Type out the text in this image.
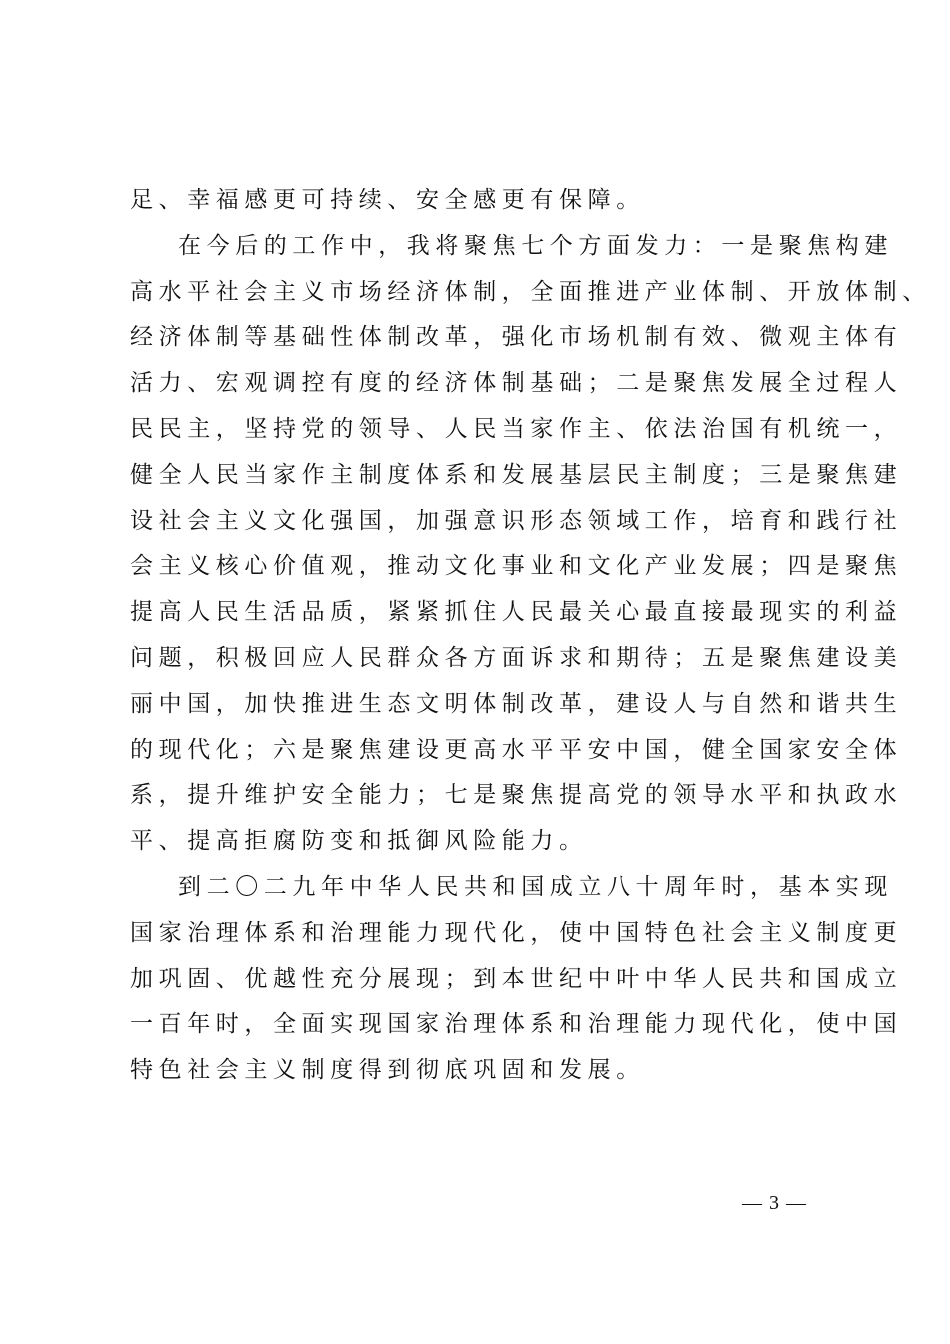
足、幸福感更可持续、安全感更有保障。
在今后的工作中，我将聚焦七个方面发力：一是聚焦构建
高水平社会主义市场经济体制，全面推进产业体制、开放体制、
经济体制等基础性体制改革，强化市场机制有效、微观主体有
活力、宏观调控有度的经济体制基础；二是聚焦发展全过程人
民民主，坚持党的领导、人民当家作主、依法治国有机统一，
健全人民当家作主制度体系和发展基层民主制度；三是聚焦建
设社会主义文化强国，加强意识形态领域工作，培育和践行社
会主义核心价值观，推动文化事业和文化产业发展；四是聚焦
提高人民生活品质，紧紧抓住人民最关心最直接最现实的利益
问题，积极回应人民群众各方面诉求和期待；五是聚焦建设美
丽中国，加快推进生态文明体制改革，建设人与自然和谐共生
的现代化；六是聚焦建设更高水平平安中国，健全国家安全体
系，提升维护安全能力；七是聚焦提高党的领导水平和执政水
平、提高拒腐防变和抵御风险能力。
到二〇二九年中华人民共和国成立八十周年时，基本实现
国家治理体系和治理能力现代化，使中国特色社会主义制度更
加巩固、优越性充分展现；到本世纪中叶中华人民共和国成立
一百年时，全面实现国家治理体系和治理能力现代化，使中国
特色社会主义制度得到彻底巩固和发展。
— 3 —
